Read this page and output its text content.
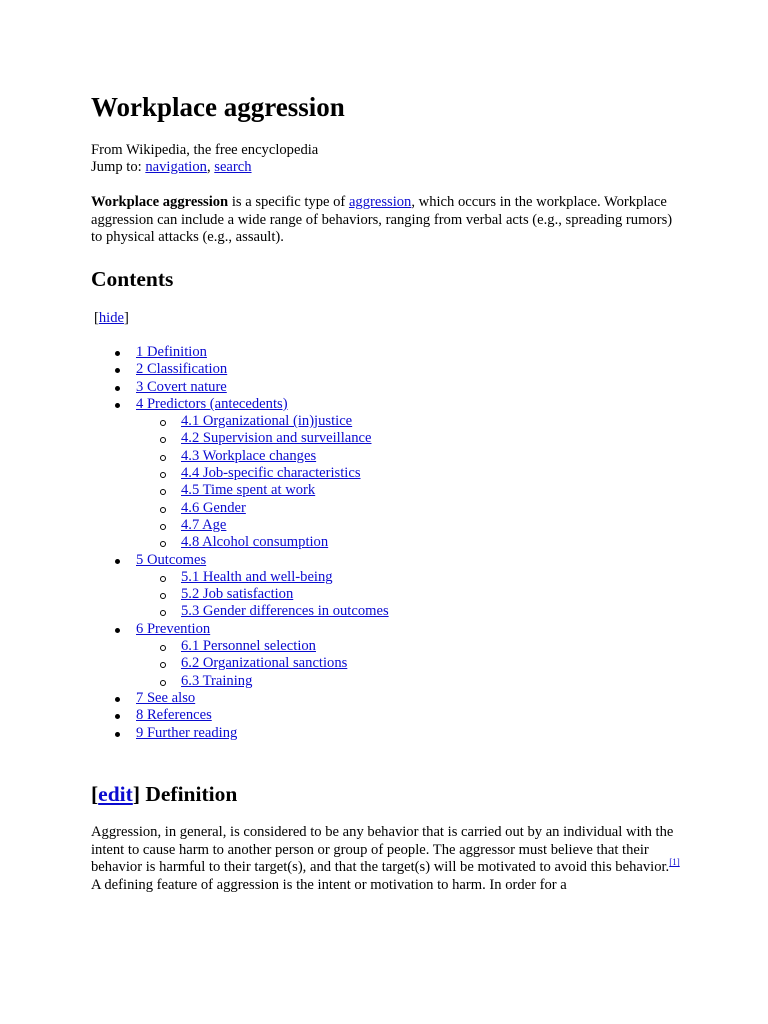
Workplace aggression

From Wikipedia, the free encyclopedia

Jump to: navigation, search

Workplace aggression is a specific type of aggression, which occurs in the workplace. Workplace aggression can include a wide range of behaviors, ranging from verbal acts (e.g., spreading rumors) to physical attacks (e.g., assault).

Contents

[hide]

1 Definition
2 Classification
3 Covert nature
4 Predictors (antecedents)
4.1 Organizational (in)justice
4.2 Supervision and surveillance
4.3 Workplace changes
4.4 Job-specific characteristics
4.5 Time spent at work
4.6 Gender
4.7 Age
4.8 Alcohol consumption
5 Outcomes
5.1 Health and well-being
5.2 Job satisfaction
5.3 Gender differences in outcomes
6 Prevention
6.1 Personnel selection
6.2 Organizational sanctions
6.3 Training
7 See also
8 References
9 Further reading
[edit] Definition

Aggression, in general, is considered to be any behavior that is carried out by an individual with the intent to cause harm to another person or group of people. The aggressor must believe that their behavior is harmful to their target(s), and that the target(s) will be motivated to avoid this behavior.[1] A defining feature of aggression is the intent or motivation to harm. In order for a
